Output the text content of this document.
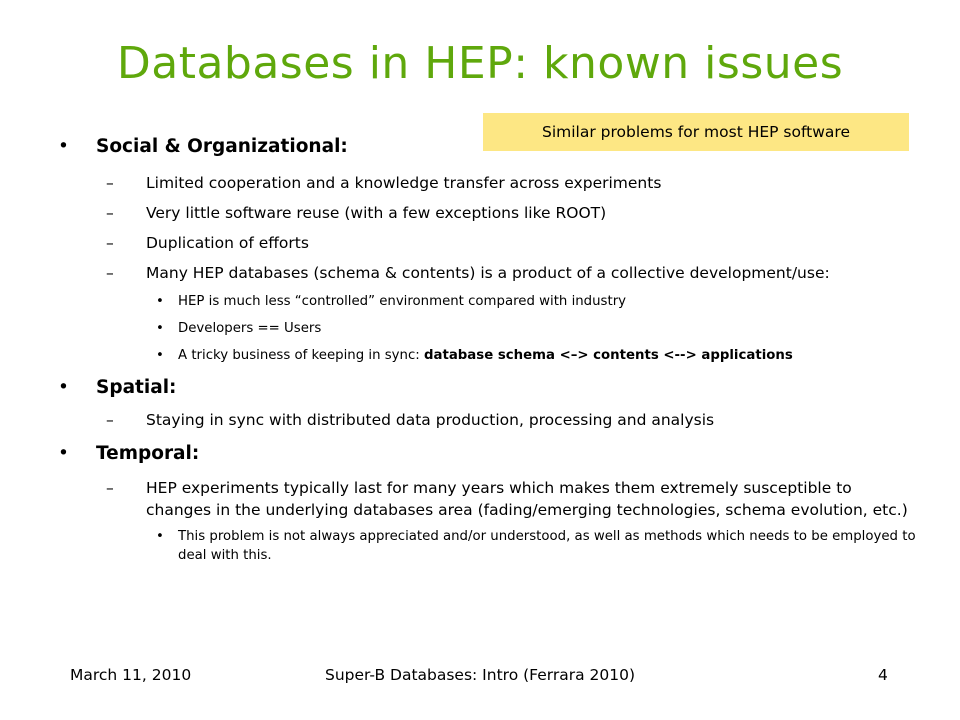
Databases in HEP: known issues
Similar problems for most HEP software
• Social & Organizational:
– Limited cooperation and a knowledge transfer across experiments
– Very little software reuse (with a few exceptions like ROOT)
– Duplication of efforts
– Many HEP databases (schema & contents) is a product of a collective development/use:
• HEP is much less “controlled” environment compared with industry
• Developers == Users
• A tricky business of keeping in sync: database schema <–> contents <--> applications
• Spatial:
– Staying in sync with distributed data production, processing and analysis
• Temporal:
– HEP experiments typically last for many years which makes them extremely susceptible to changes in the underlying databases area (fading/emerging technologies, schema evolution, etc.)
• This problem is not always appreciated and/or understood, as well as methods which needs to be employed to deal with this.
Super-B Databases: Intro (Ferrara 2010)
March 11, 2010	4
